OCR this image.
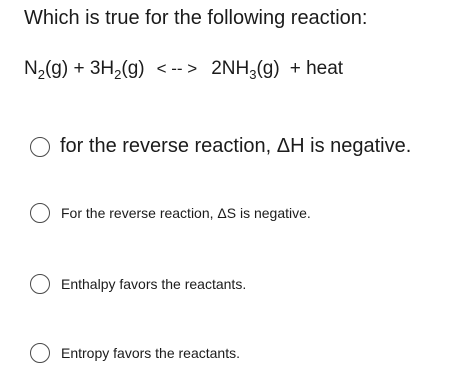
Which is true for the following reaction:
$N_2(g) + 3H_2(g)$ < -- > $2NH_3(g)$ + heat
for the reverse reaction, ΔH is negative.
For the reverse reaction, ΔS is negative.
Enthalpy favors the reactants.
Entropy favors the reactants.
